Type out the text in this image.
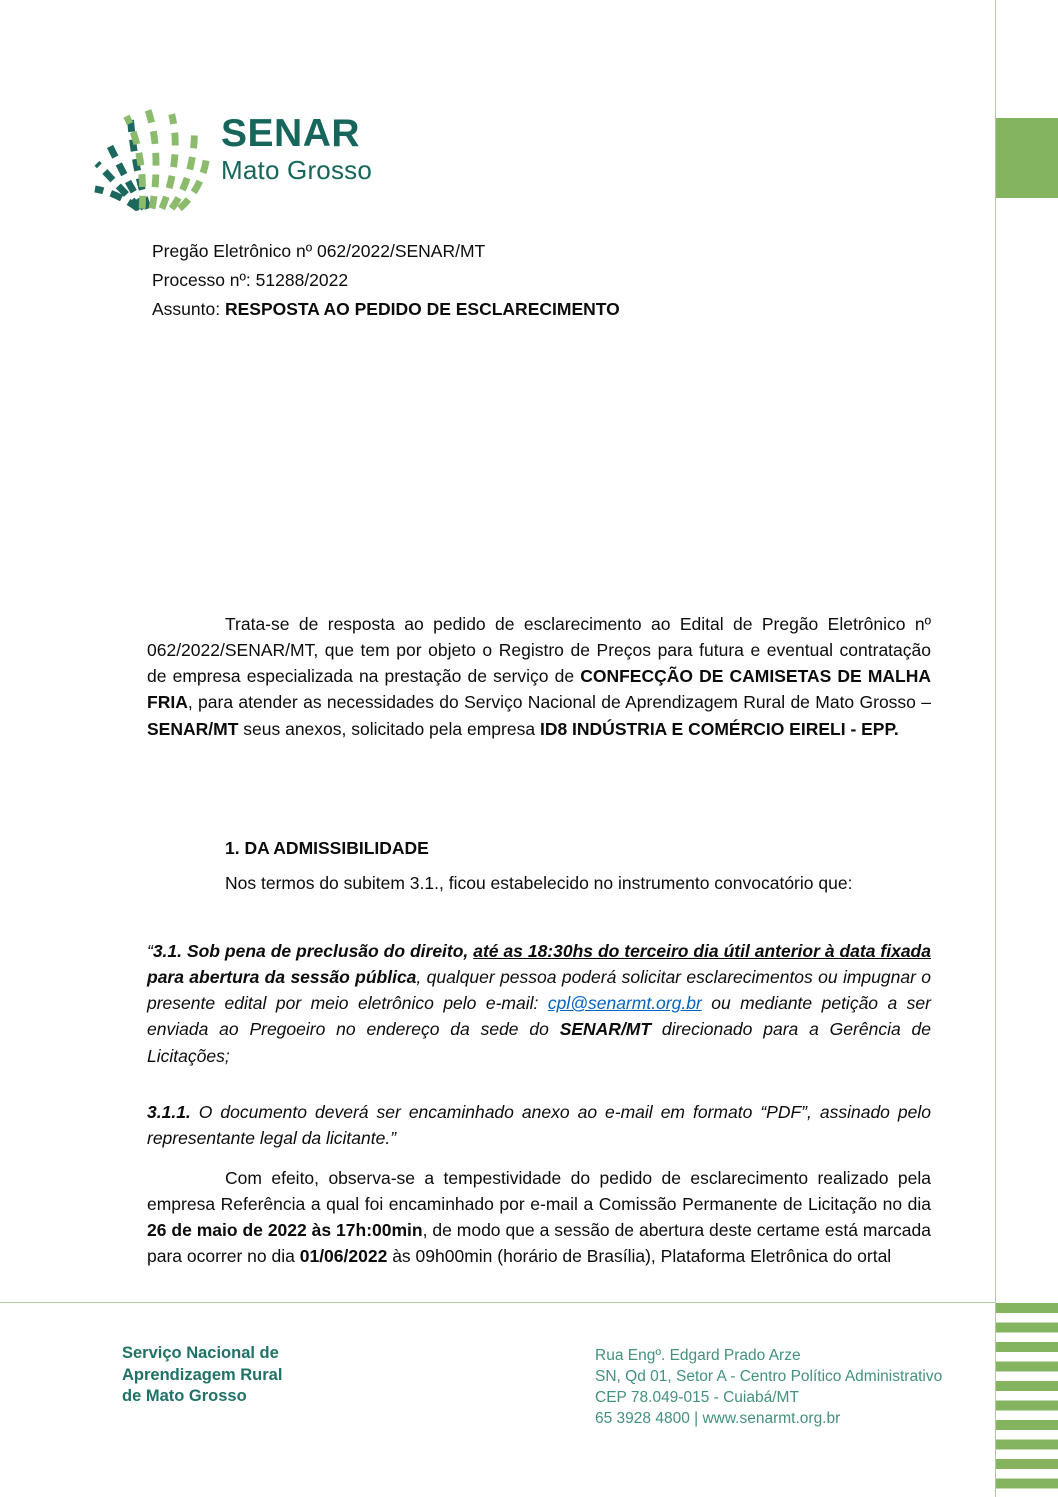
SENAR
Mato Grosso
Pregão Eletrônico nº 062/2022/SENAR/MT
Processo nº: 51288/2022
Assunto: RESPOSTA AO PEDIDO DE ESCLARECIMENTO

Trata-se de resposta ao pedido de esclarecimento ao Edital de Pregão Eletrônico nº 062/2022/SENAR/MT, que tem por objeto o Registro de Preços para futura e eventual contratação de empresa especializada na prestação de serviço de CONFECÇÃO DE CAMISETAS DE MALHA FRIA, para atender as necessidades do Serviço Nacional de Aprendizagem Rural de Mato Grosso – SENAR/MT seus anexos, solicitado pela empresa ID8 INDÚSTRIA E COMÉRCIO EIRELI - EPP.

1. DA ADMISSIBILIDADE

Nos termos do subitem 3.1., ficou estabelecido no instrumento convocatório que:

“3.1. Sob pena de preclusão do direito, até as 18:30hs do terceiro dia útil anterior à data fixada para abertura da sessão pública, qualquer pessoa poderá solicitar esclarecimentos ou impugnar o presente edital por meio eletrônico pelo e-mail: cpl@senarmt.org.br ou mediante petição a ser enviada ao Pregoeiro no endereço da sede do SENAR/MT direcionado para a Gerência de Licitações;

3.1.1. O documento deverá ser encaminhado anexo ao e-mail em formato “PDF”, assinado pelo representante legal da licitante.”

Com efeito, observa-se a tempestividade do pedido de esclarecimento realizado pela empresa Referência a qual foi encaminhado por e-mail a Comissão Permanente de Licitação no dia 26 de maio de 2022 às 17h:00min, de modo que a sessão de abertura deste certame está marcada para ocorrer no dia 01/06/2022 às 09h00min (horário de Brasília), Plataforma Eletrônica do ortal

Serviço Nacional de
Aprendizagem Rural
de Mato Grosso
Rua Engº. Edgard Prado Arze
SN, Qd 01, Setor A - Centro Político Administrativo
CEP 78.049-015 - Cuiabá/MT
65 3928 4800 | www.senarmt.org.br
